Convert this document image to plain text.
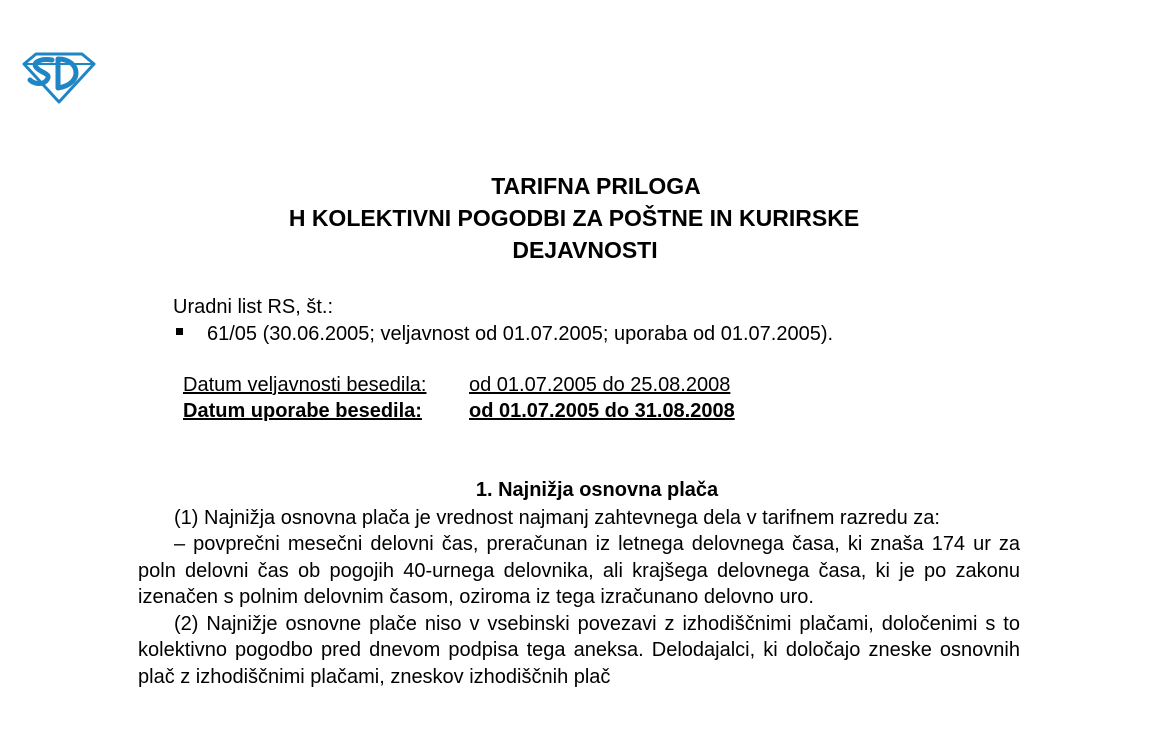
TARIFNA PRILOGA
H KOLEKTIVNI POGODBI ZA POŠTNE IN KURIRSKE
DEJAVNOSTI
Uradni list RS, št.:
61/05 (30.06.2005; veljavnost od 01.07.2005; uporaba od 01.07.2005).
Datum veljavnosti besedila: od 01.07.2005 do 25.08.2008
Datum uporabe besedila: od 01.07.2005 do 31.08.2008
1. Najnižja osnovna plača

(1) Najnižja osnovna plača je vrednost najmanj zahtevnega dela v tarifnem razredu za:

– povprečni mesečni delovni čas, preračunan iz letnega delovnega časa, ki znaša 174 ur za poln delovni čas ob pogojih 40-urnega delovnika, ali krajšega delovnega časa, ki je po zakonu izenačen s polnim delovnim časom, oziroma iz tega izračunano delovno uro.

(2) Najnižje osnovne plače niso v vsebinski povezavi z izhodiščnimi plačami, določenimi s to kolektivno pogodbo pred dnevom podpisa tega aneksa. Delodajalci, ki določajo zneske osnovnih plač z izhodiščnimi plačami, zneskov izhodiščnih plač
